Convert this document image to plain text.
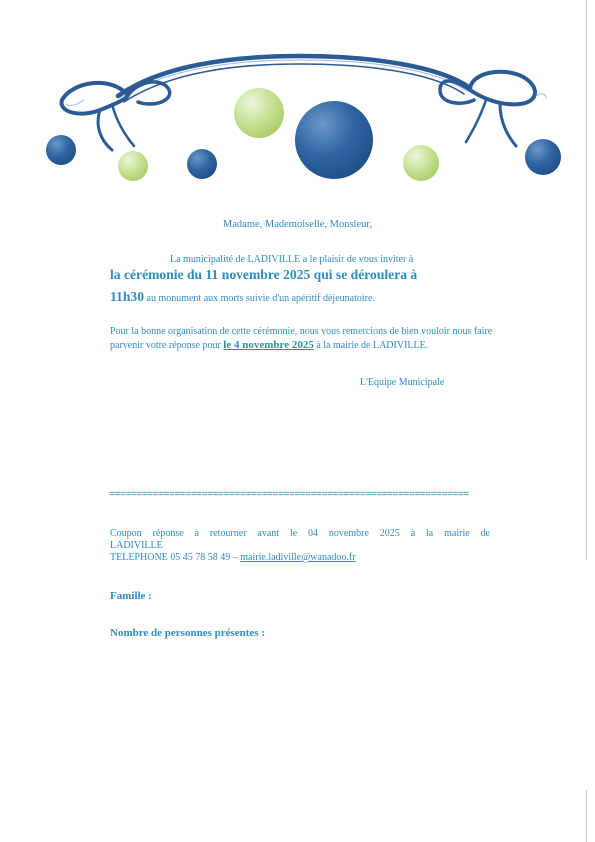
Madame, Mademoiselle, Monsieur,
La municipalité de LADIVILLE a le plaisir de vous inviter à
la cérémonie du 11 novembre 2025 qui se déroulera à
11h30 au monument aux morts suivie d'un apéritif déjeunatoire.
Pour la bonne organisation de cette cérémonie, nous vous remercions de bien vouloir nous faire parvenir votre réponse pour le 4 novembre 2025 à la mairie de LADIVILLE.
L'Equipe Municipale
==================================================================
Coupon réponse à retourner avant le 04 novembre 2025 à la mairie de
LADIVILLE
TELEPHONE 05 45 78 58 49 – mairie.ladiville@wanadoo.fr
Famille :
Nombre de personnes présentes :
